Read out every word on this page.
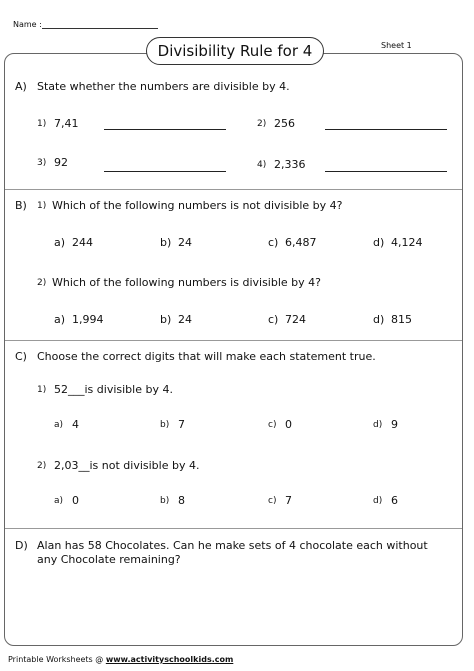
Name :
Divisibility Rule for 4	Sheet 1
A) State whether the numbers are divisible by 4.
1) 7,41	2) 256
3) 92	4) 2,336
B) 1) Which of the following numbers is not divisible by 4?
a) 244	b) 24	c) 6,487	d) 4,124
2) Which of the following numbers is divisible by 4?
a) 1,994	b) 24	c) 724	d) 815
C) Choose the correct digits that will make each statement true.
1) 52___is divisible by 4.
a) 4	b) 7	c) 0	d) 9
2) 2,03__is not divisible by 4.
a) 0	b) 8	c) 7	d) 6
D) Alan has 58 Chocolates. Can he make sets of 4 chocolate each without
any Chocolate remaining?
Printable Worksheets @ www.activityschoolkids.com
